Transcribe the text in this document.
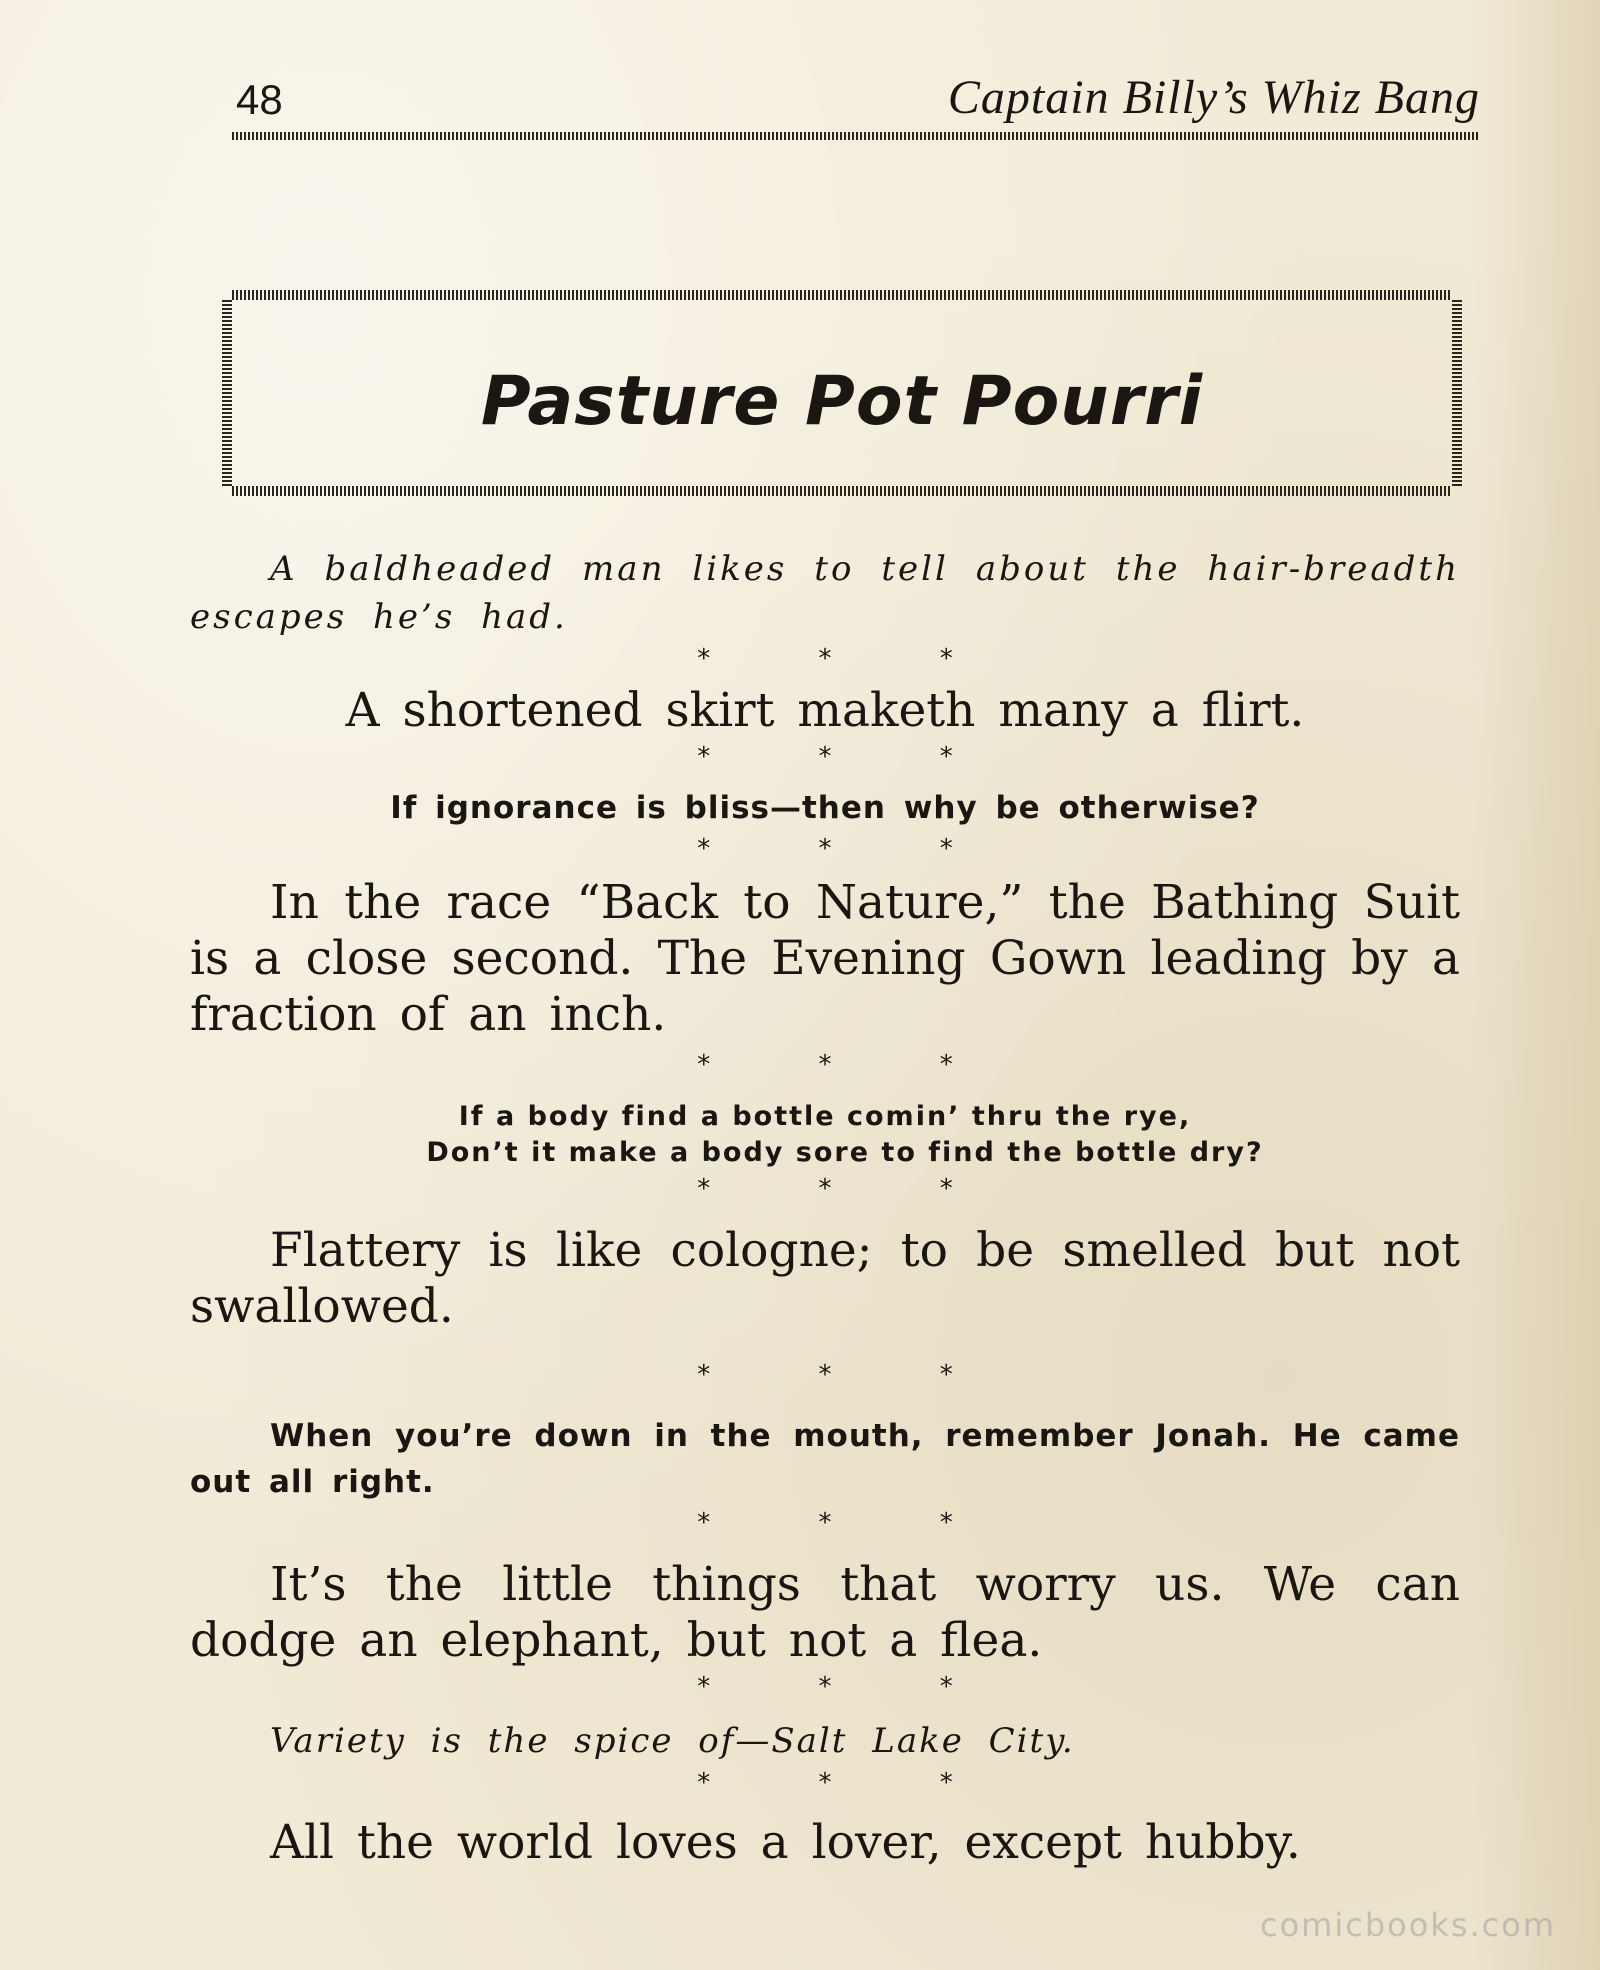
48	Captain Billy’s Whiz Bang
Pasture Pot Pourri

A baldheaded man likes to tell about the hair-breadth escapes he’s had.

* * *

A shortened skirt maketh many a flirt.

* * *

If ignorance is bliss—then why be otherwise?

* * *

In the race “Back to Nature,” the Bathing Suit is a close second. The Evening Gown leading by a fraction of an inch.

* * *

If a body find a bottle comin’ thru the rye,

Don’t it make a body sore to find the bottle dry?

* * *

Flattery is like cologne; to be smelled but not swallowed.

* * *

When you’re down in the mouth, remember Jonah. He came out all right.

* * *

It’s the little things that worry us. We can dodge an elephant, but not a flea.

* * *

Variety is the spice of—Salt Lake City.

* * *

All the world loves a lover, except hubby.

comicbooks.com
